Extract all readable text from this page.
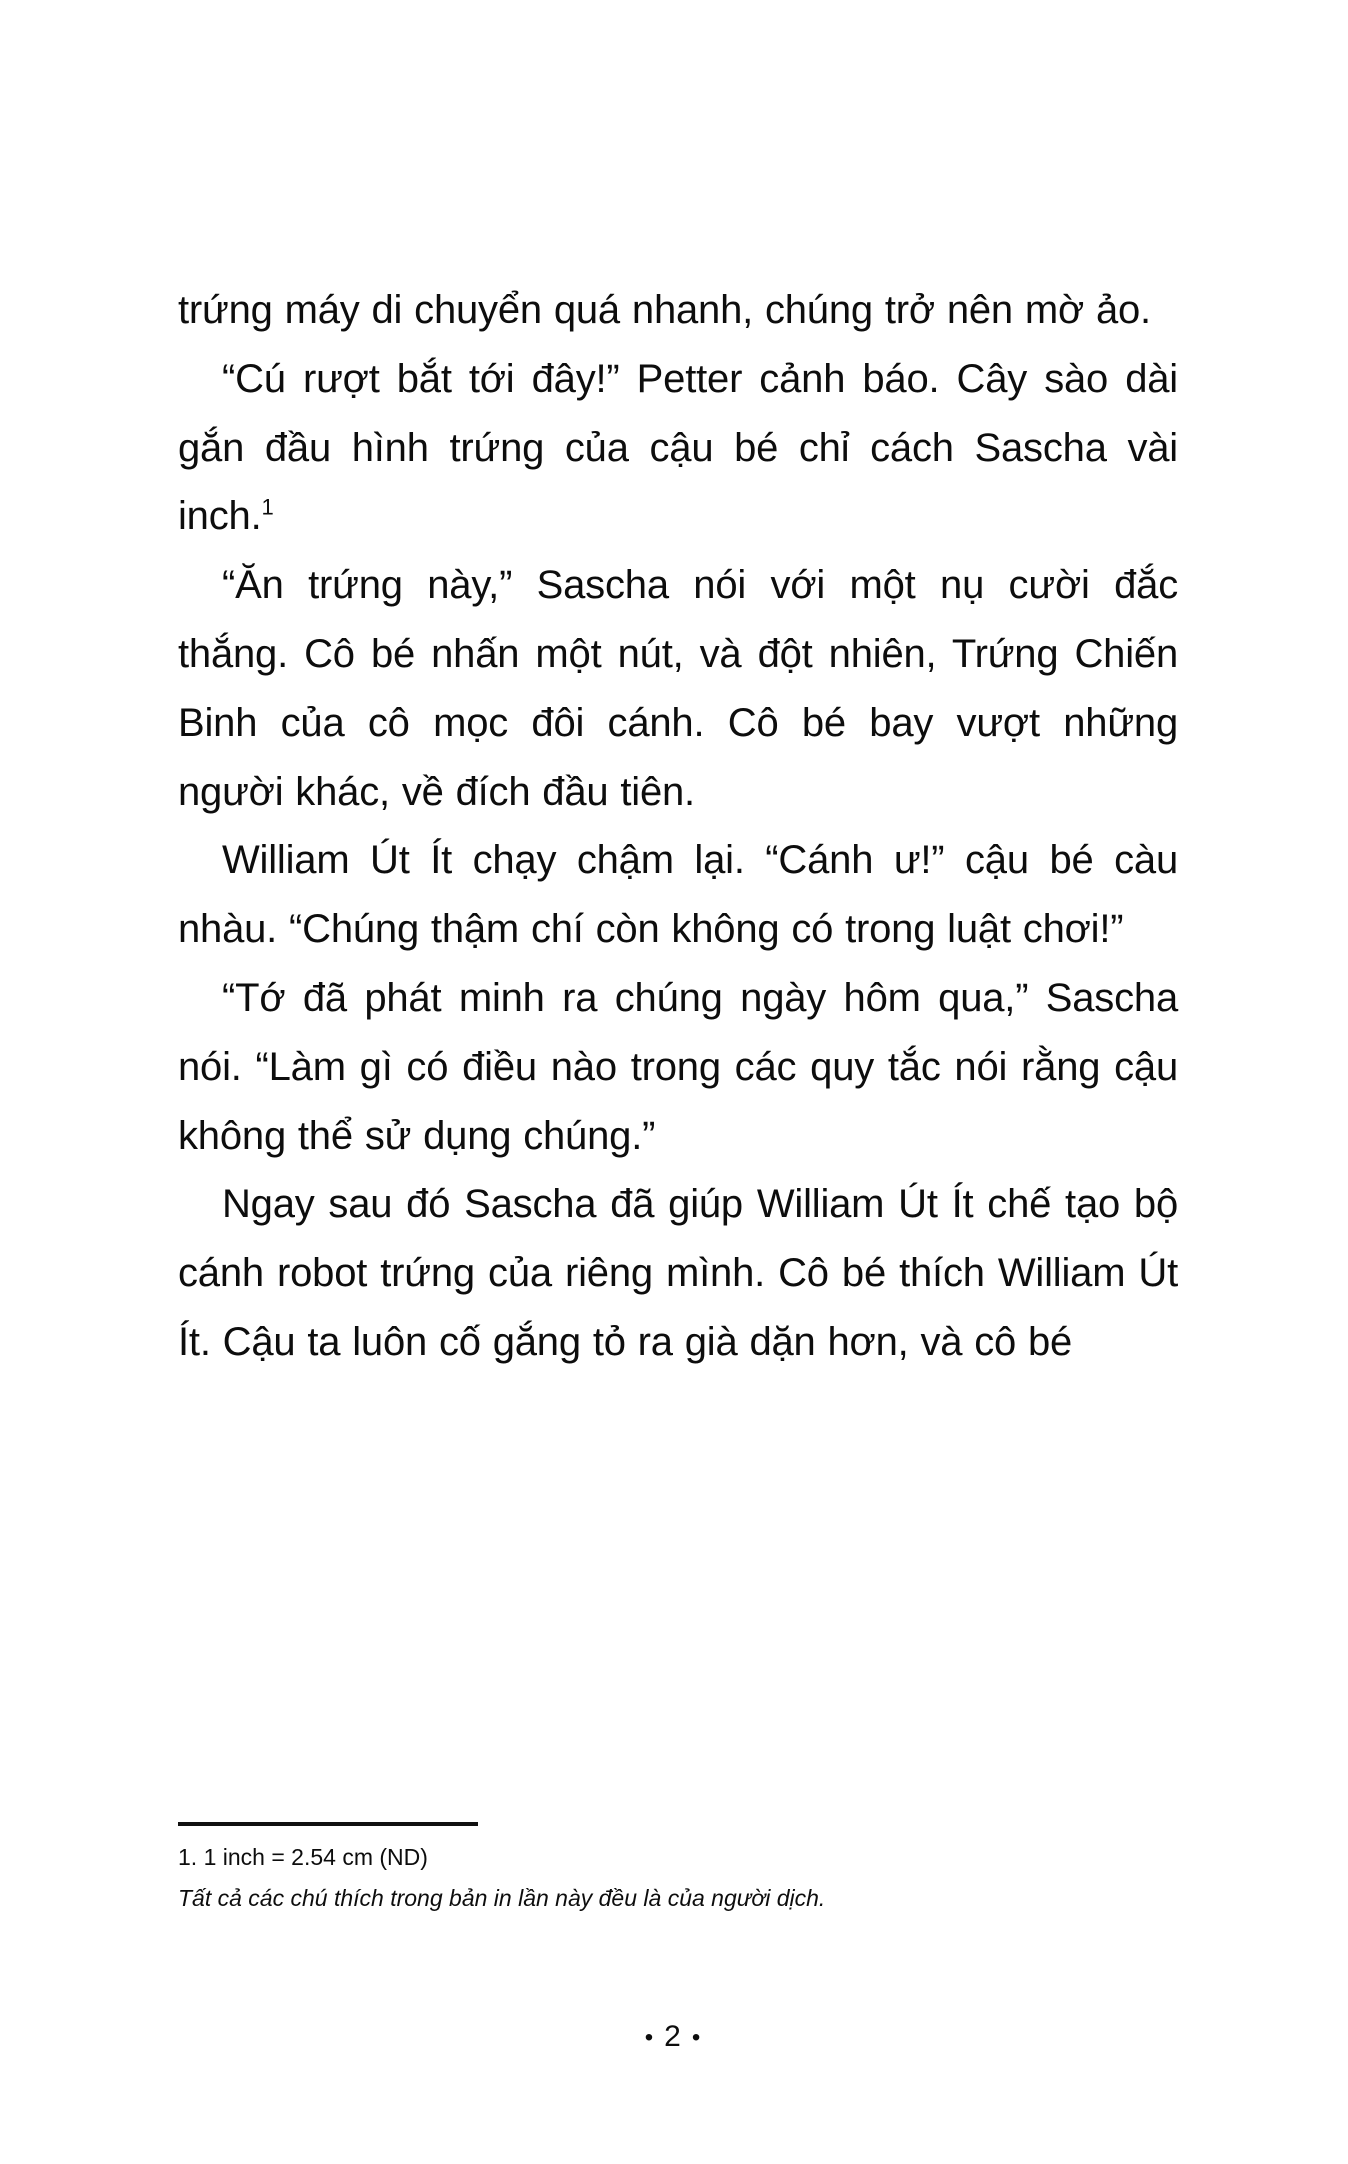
trứng máy di chuyển quá nhanh, chúng trở nên mờ ảo.

“Cú rượt bắt tới đây!” Petter cảnh báo. Cây sào dài gắn đầu hình trứng của cậu bé chỉ cách Sascha vài inch.$^1$

“Ăn trứng này,” Sascha nói với một nụ cười đắc thắng. Cô bé nhấn một nút, và đột nhiên, Trứng Chiến Binh của cô mọc đôi cánh. Cô bé bay vượt những người khác, về đích đầu tiên.

William Út Ít chạy chậm lại. “Cánh ư!” cậu bé càu nhàu. “Chúng thậm chí còn không có trong luật chơi!”

“Tớ đã phát minh ra chúng ngày hôm qua,” Sascha nói. “Làm gì có điều nào trong các quy tắc nói rằng cậu không thể sử dụng chúng.”

Ngay sau đó Sascha đã giúp William Út Ít chế tạo bộ cánh robot trứng của riêng mình. Cô bé thích William Út Ít. Cậu ta luôn cố gắng tỏ ra già dặn hơn, và cô bé

1. 1 inch = 2.54 cm (ND)

Tất cả các chú thích trong bản in lần này đều là của người dịch.

• 2 •
